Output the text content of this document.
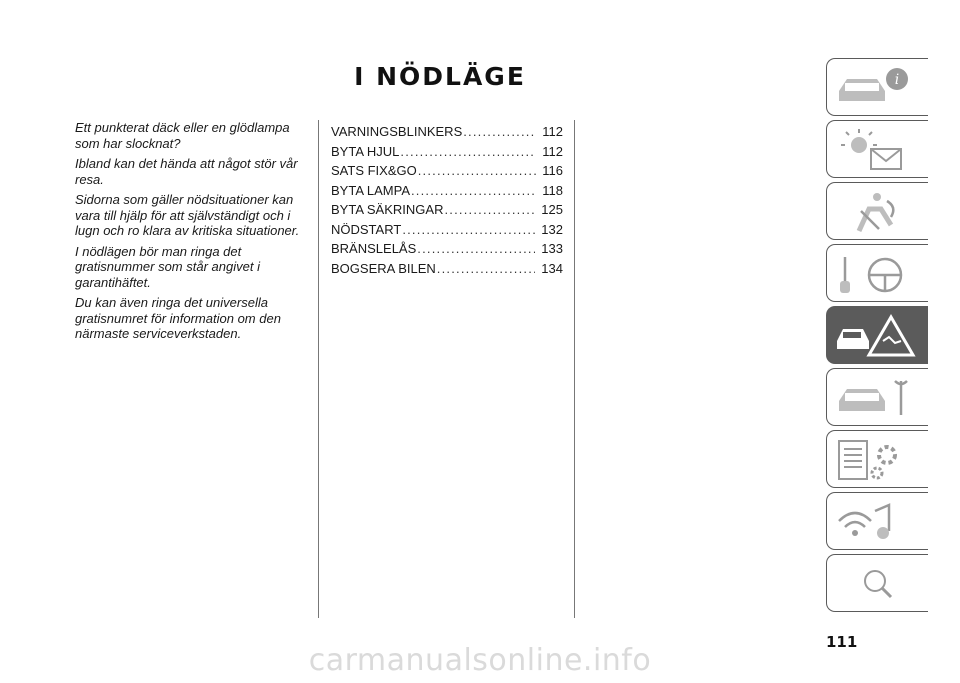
I NÖDLÄGE

Ett punkterat däck eller en glödlampa som har slocknat?

Ibland kan det hända att något stör vår resa.

Sidorna som gäller nödsituationer kan vara till hjälp för att självständigt och i lugn och ro klara av kritiska situationer.

I nödlägen bör man ringa det gratisnummer som står angivet i garantihäftet.

Du kan även ringa det universella gratisnumret för information om den närmaste serviceverkstaden.

VARNINGSBLINKERS .....	112
BYTA HJUL .....	112
SATS FIX&GO .....	116
BYTA LAMPA .....	118
BYTA SÄKRINGAR .....	125
NÖDSTART .....	132
BRÄNSLELÅS .....	133
BOGSERA BILEN .....	134
i
111
carmanualsonline.info
